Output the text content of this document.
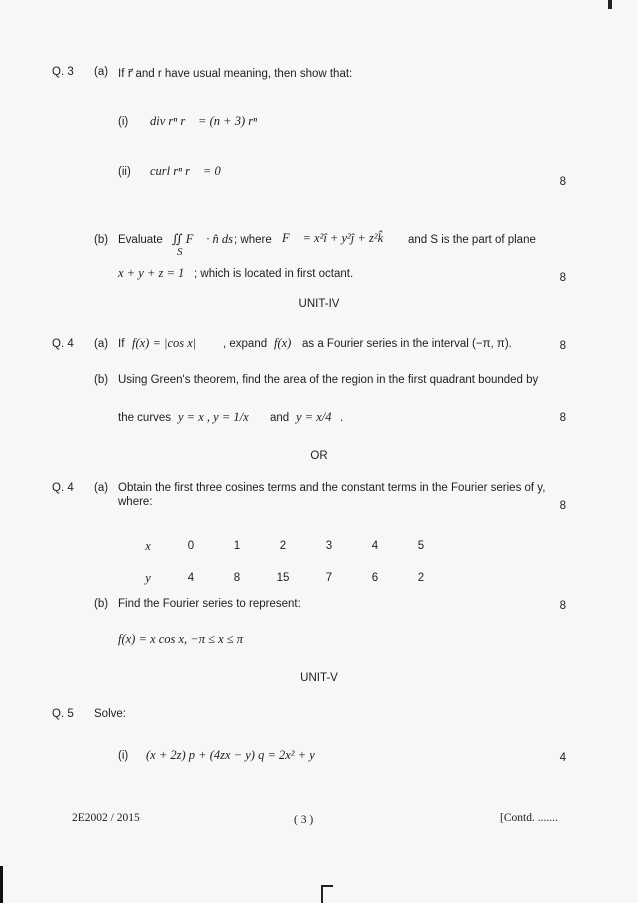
Q. 3 (a) If r⃗ and r have usual meaning, then show that:
(i) div rⁿ r⃗ = (n + 3) rⁿ
(ii) curl rⁿ r⃗ = 0
8
(b) Evaluate ∬ F⃗ · n̂ ds
S
; where F⃗ = x²î + y²ĵ + z²k̂ and S is the part of plane
x + y + z = 1 ; which is located in first octant.	8
UNIT-IV
Q. 4 (a) If f(x) = |cos x| , expand f(x) as a Fourier series in the interval (−π, π).	8
(b) Using Green's theorem, find the area of the region in the first quadrant bounded by
the curves y = x , y = 1/x and y = x/4 .	8
OR
Q. 4 (a) Obtain the first three cosines terms and the constant terms in the Fourier series of y,
where:	8
x	0	1	2	3	4	5
y	4	8	15	7	6	2
(b) Find the Fourier series to represent:	8
f(x) = x cos x, −π ≤ x ≤ π
UNIT-V
Q. 5 Solve:
(i) (x + 2z) p + (4zx − y) q = 2x² + y	4
2E2002 / 2015	( 3 )	[Contd. .......
